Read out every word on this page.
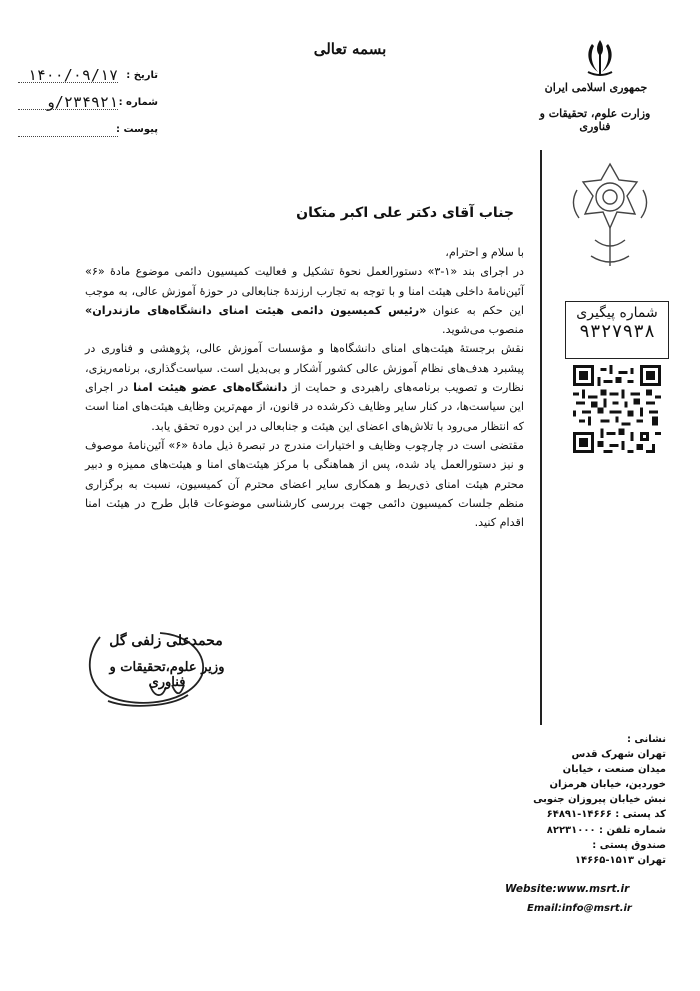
بسمه تعالی
جمهوری اسلامی ایران
وزارت علوم، تحقیقات و فناوری
تاریخ :
۱۴۰۰/۰۹/۱۷
شماره :
۲۳۴۹۲۱/و
پیوست :
شماره پیگیری
۹۳۲۷۹۳۸
جناب آقای دکتر علی اکبر متکان

با سلام و احترام،

در اجرای بند «۱-۳» دستورالعمل نحوۀ تشکیل و فعالیت کمیسیون دائمی موضوع مادۀ «۶» آئین‌نامۀ داخلی هیئت امنا و با توجه به تجارب ارزندۀ جنابعالی در حوزۀ آموزش عالی، به موجب این حکم به عنوان «رئیس کمیسیون دائمی هیئت امنای دانشگاه‌های مازندران» منصوب می‌شوید.

نقش برجستۀ هیئت‌های امنای دانشگاه‌ها و مؤسسات آموزش عالی، پژوهشی و فناوری در پیشبرد هدف‌های نظام آموزش عالی کشور آشکار و بی‌بدیل است. سیاست‌گذاری، برنامه‌ریزی، نظارت و تصویب برنامه‌های راهبردی و حمایت از دانشگاه‌های عضو هیئت امنا در اجرای این سیاست‌ها، در کنار سایر وظایف ذکرشده در قانون، از مهم‌ترین وظایف هیئت‌های امنا است که انتظار می‌رود با تلاش‌های اعضای این هیئت و جنابعالی در این دوره تحقق یابد.

مقتضی است در چارچوب وظایف و اختیارات مندرج در تبصرۀ ذیل مادۀ «۶» آئین‌نامۀ موصوف و نیز دستورالعمل یاد شده، پس از هماهنگی با مرکز هیئت‌های امنا و هیئت‌های ممیزه و دبیر محترم هیئت امنای ذی‌ربط و همکاری سایر اعضای محترم آن کمیسیون، نسبت به برگزاری منظم جلسات کمیسیون دائمی جهت بررسی کارشناسی موضوعات قابل طرح در هیئت امنا اقدام کنید.

محمدعلی زلفی گل
وزیر علوم،تحقیقات و فناوری
نشانی :
تهران شهرک قدس
میدان صنعت ، خیابان
خوردین، خیابان هرمزان
نبش خیابان پیروزان جنوبی
کد پستی : ۱۴۶۶۶-۶۴۸۹۱
شماره تلفن : ۸۲۲۳۱۰۰۰
صندوق پستی :
تهران ۱۵۱۳-۱۴۶۶۵
Website:www.msrt.ir
Email:info@msrt.ir
